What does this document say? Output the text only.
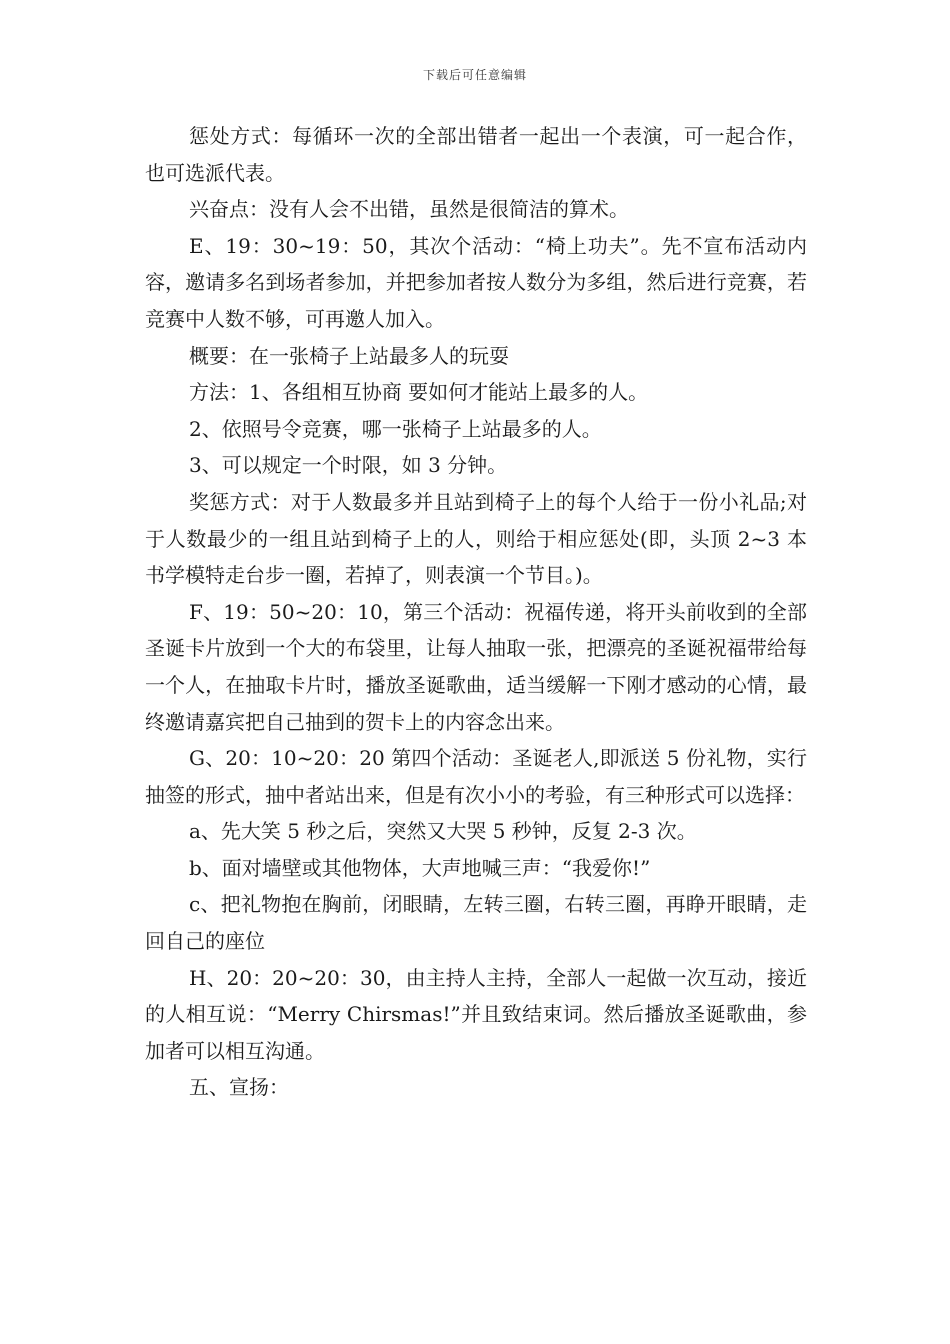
下载后可任意编辑

惩处方式：每循环一次的全部出错者一起出一个表演，可一起合作，也可选派代表。

兴奋点：没有人会不出错，虽然是很简洁的算术。

E、19：30~19：50，其次个活动：“椅上功夫”。先不宣布活动内容，邀请多名到场者参加，并把参加者按人数分为多组，然后进行竞赛，若竞赛中人数不够，可再邀人加入。

概要：在一张椅子上站最多人的玩耍

方法：1、各组相互协商 要如何才能站上最多的人。

2、依照号令竞赛，哪一张椅子上站最多的人。

3、可以规定一个时限，如 3 分钟。

奖惩方式：对于人数最多并且站到椅子上的每个人给于一份小礼品;对于人数最少的一组且站到椅子上的人，则给于相应惩处(即，头顶 2~3 本书学模特走台步一圈，若掉了，则表演一个节目。)。

F、19：50~20：10，第三个活动：祝福传递，将开头前收到的全部圣诞卡片放到一个大的布袋里，让每人抽取一张，把漂亮的圣诞祝福带给每一个人，在抽取卡片时，播放圣诞歌曲，适当缓解一下刚才感动的心情，最终邀请嘉宾把自己抽到的贺卡上的内容念出来。

G、20：10~20：20 第四个活动：圣诞老人,即派送 5 份礼物，实行抽签的形式，抽中者站出来，但是有次小小的考验，有三种形式可以选择：

a、先大笑 5 秒之后，突然又大哭 5 秒钟，反复 2-3 次。

b、面对墙壁或其他物体，大声地喊三声：“我爱你!”

c、把礼物抱在胸前，闭眼睛，左转三圈，右转三圈，再睁开眼睛，走回自己的座位

H、20：20~20：30，由主持人主持，全部人一起做一次互动，接近的人相互说：“Merry Chirsmas!”并且致结束词。然后播放圣诞歌曲，参加者可以相互沟通。

五、宣扬：
